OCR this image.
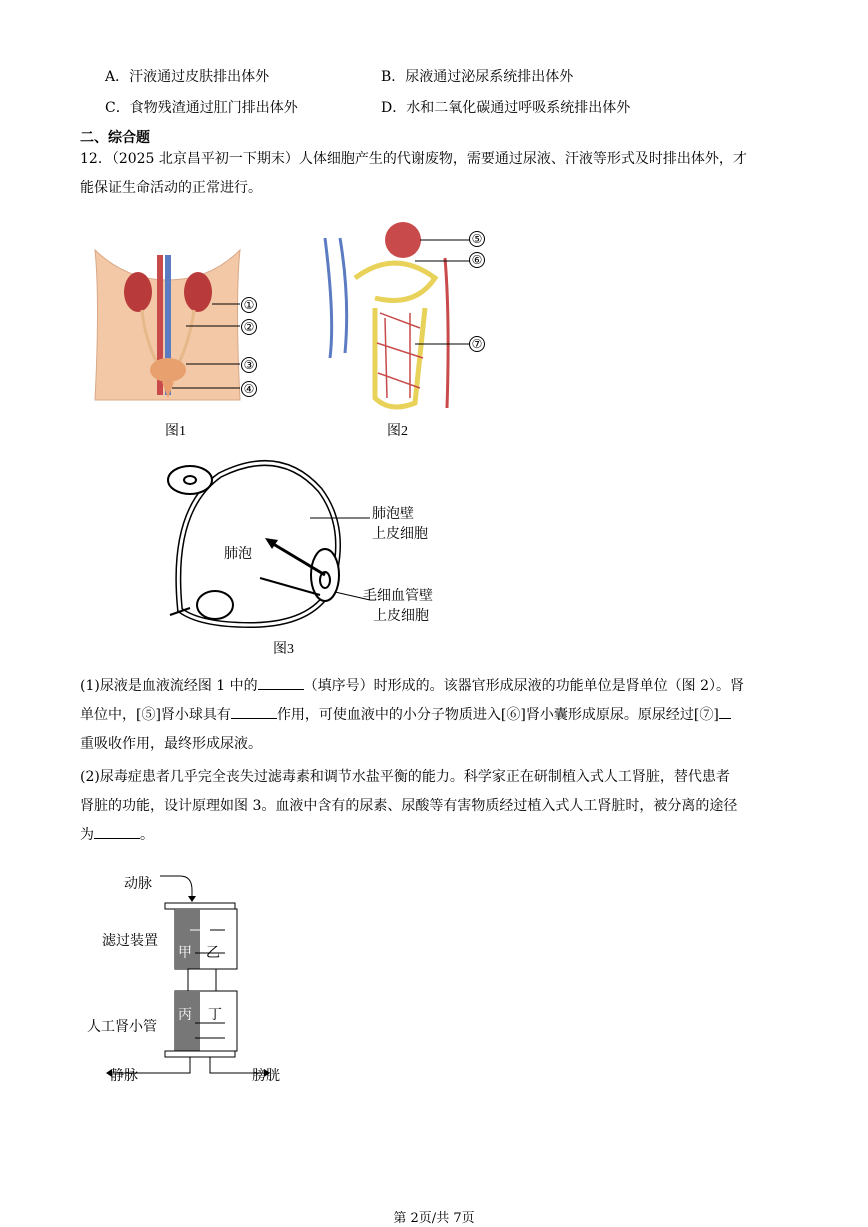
A．汗液通过皮肤排出体外	B．尿液通过泌尿系统排出体外
C．食物残渣通过肛门排出体外	D．水和二氧化碳通过呼吸系统排出体外
二、综合题
12．（2025 北京昌平初一下期末）人体细胞产生的代谢废物，需要通过尿液、汗液等形式及时排出体外，才
能保证生命活动的正常进行。
①
②
③
④
图1
⑤
⑥
⑦
图2
肺泡壁
上皮细胞
肺泡
毛细血管壁
上皮细胞
图3
(1)尿液是血液流经图 1 中的	（填序号）时形成的。该器官形成尿液的功能单位是肾单位（图 2）。肾
单位中，[⑤]肾小球具有	作用，可使血液中的小分子物质进入[⑥]肾小囊形成原尿。原尿经过[⑦]
重吸收作用，最终形成尿液。
(2)尿毒症患者几乎完全丧失过滤毒素和调节水盐平衡的能力。科学家正在研制植入式人工肾脏，替代患者
肾脏的功能，设计原理如图 3。血液中含有的尿素、尿酸等有害物质经过植入式人工肾脏时，被分离的途径
为	。
动脉
滤过装置
甲 乙
人工肾小管
丙 丁
静脉	膀胱
第 2页/共 7页
